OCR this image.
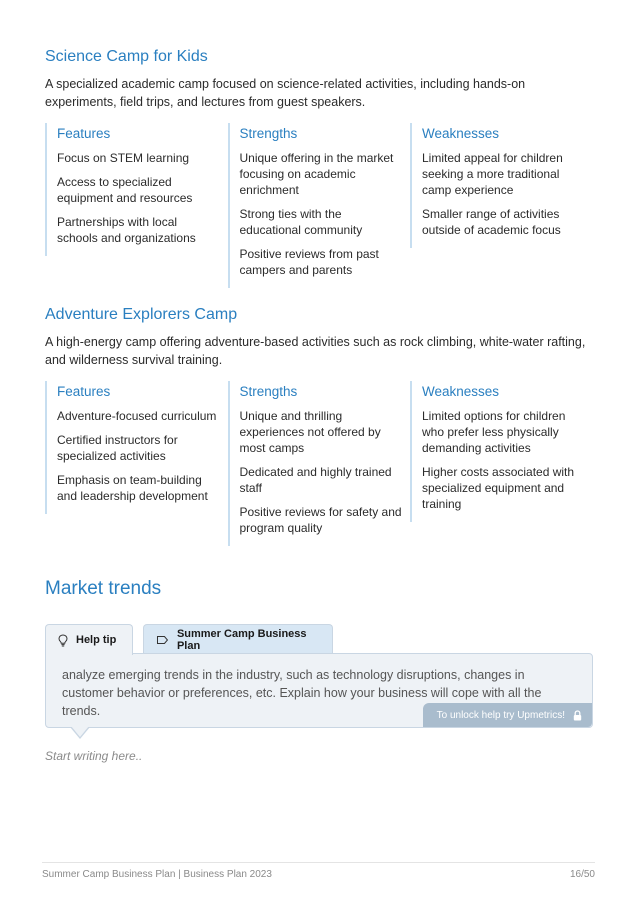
Science Camp for Kids
A specialized academic camp focused on science-related activities, including hands-on experiments, field trips, and lectures from guest speakers.
Features
Focus on STEM learning
Access to specialized equipment and resources
Partnerships with local schools and organizations
Strengths
Unique offering in the market focusing on academic enrichment
Strong ties with the educational community
Positive reviews from past campers and parents
Weaknesses
Limited appeal for children seeking a more traditional camp experience
Smaller range of activities outside of academic focus
Adventure Explorers Camp
A high-energy camp offering adventure-based activities such as rock climbing, white-water rafting, and wilderness survival training.
Features
Adventure-focused curriculum
Certified instructors for specialized activities
Emphasis on team-building and leadership development
Strengths
Unique and thrilling experiences not offered by most camps
Dedicated and highly trained staff
Positive reviews for safety and program quality
Weaknesses
Limited options for children who prefer less physically demanding activities
Higher costs associated with specialized equipment and training
Market trends
Help tip
Summer Camp Business Plan
analyze emerging trends in the industry, such as technology disruptions, changes in customer behavior or preferences, etc. Explain how your business will cope with all the trends.	To unlock help try Upmetrics!
Start writing here..
Summer Camp Business Plan | Business Plan 2023	16/50
